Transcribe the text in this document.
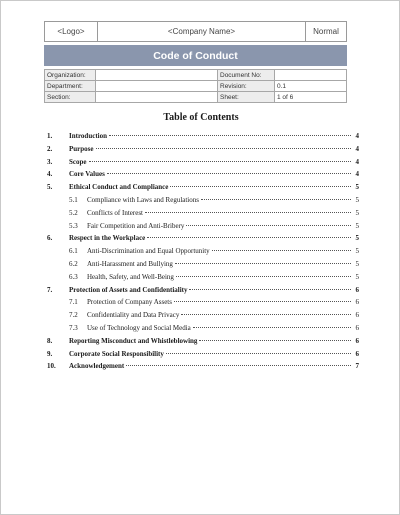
<Logo>	<Company Name>	Normal
Code of Conduct
Organization:		Document No:	
Department:		Revision:	0.1
Section:		Sheet:	1 of 6
Table of Contents
1.	Introduction	4
2.	Purpose	4
3.	Scope	4
4.	Core Values	4
5.	Ethical Conduct and Compliance	5
5.1	Compliance with Laws and Regulations	5
5.2	Conflicts of Interest	5
5.3	Fair Competition and Anti-Bribery	5
6.	Respect in the Workplace	5
6.1	Anti-Discrimination and Equal Opportunity	5
6.2	Anti-Harassment and Bullying	5
6.3	Health, Safety, and Well-Being	5
7.	Protection of Assets and Confidentiality	6
7.1	Protection of Company Assets	6
7.2	Confidentiality and Data Privacy	6
7.3	Use of Technology and Social Media	6
8.	Reporting Misconduct and Whistleblowing	6
9.	Corporate Social Responsibility	6
10.	Acknowledgement	7
